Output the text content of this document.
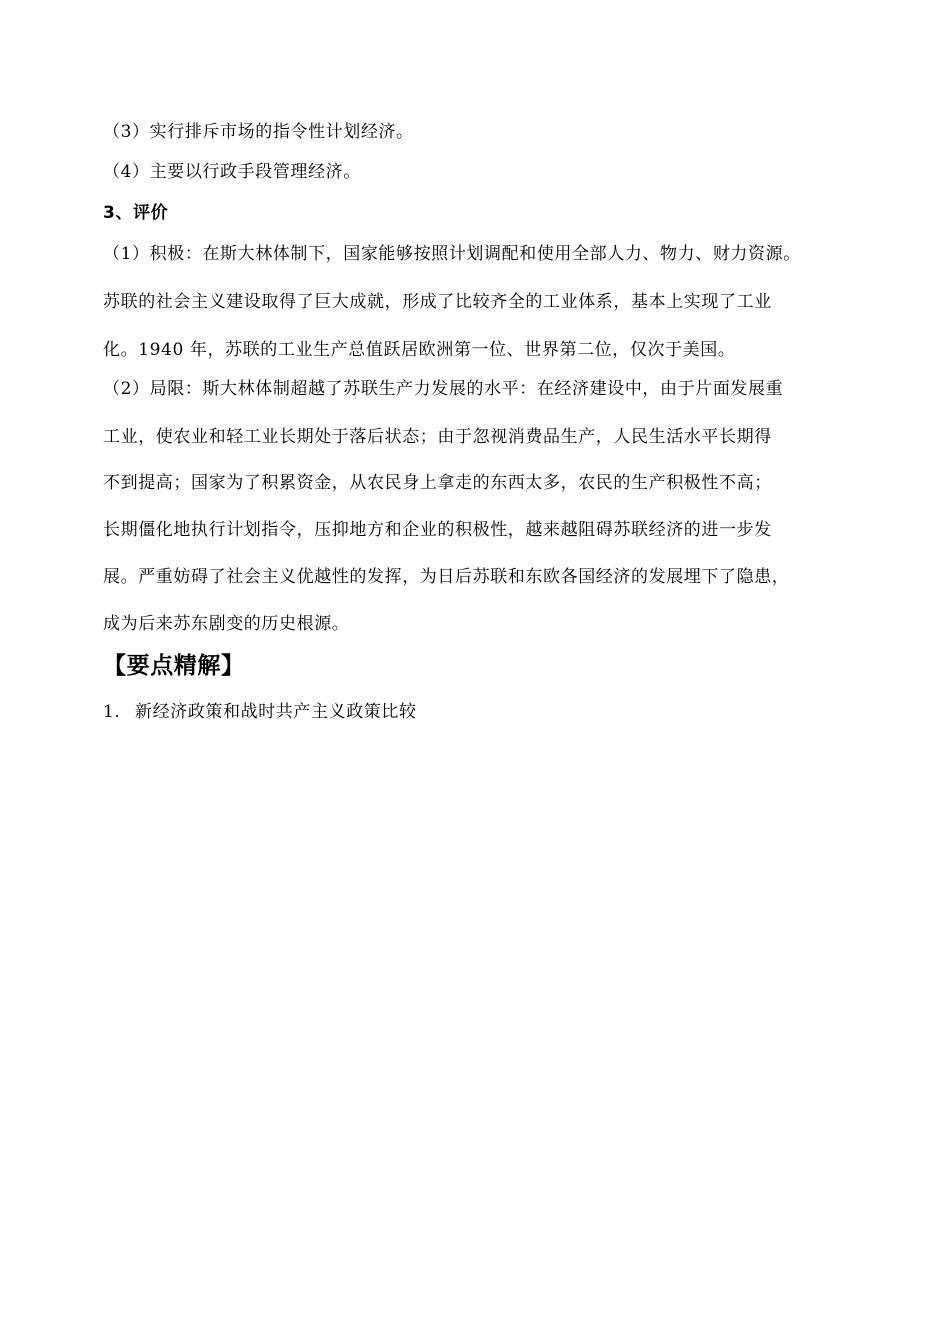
（3）实行排斥市场的指令性计划经济。
（4）主要以行政手段管理经济。
3、评价
（1）积极：在斯大林体制下，国家能够按照计划调配和使用全部人力、物力、财力资源。
苏联的社会主义建设取得了巨大成就，形成了比较齐全的工业体系，基本上实现了工业
化。1940 年，苏联的工业生产总值跃居欧洲第一位、世界第二位，仅次于美国。
（2）局限：斯大林体制超越了苏联生产力发展的水平：在经济建设中，由于片面发展重
工业，使农业和轻工业长期处于落后状态；由于忽视消费品生产，人民生活水平长期得
不到提高；国家为了积累资金，从农民身上拿走的东西太多，农民的生产积极性不高；
长期僵化地执行计划指令，压抑地方和企业的积极性，越来越阻碍苏联经济的进一步发
展。严重妨碍了社会主义优越性的发挥，为日后苏联和东欧各国经济的发展埋下了隐患，
成为后来苏东剧变的历史根源。
【要点精解】
1. 新经济政策和战时共产主义政策比较
